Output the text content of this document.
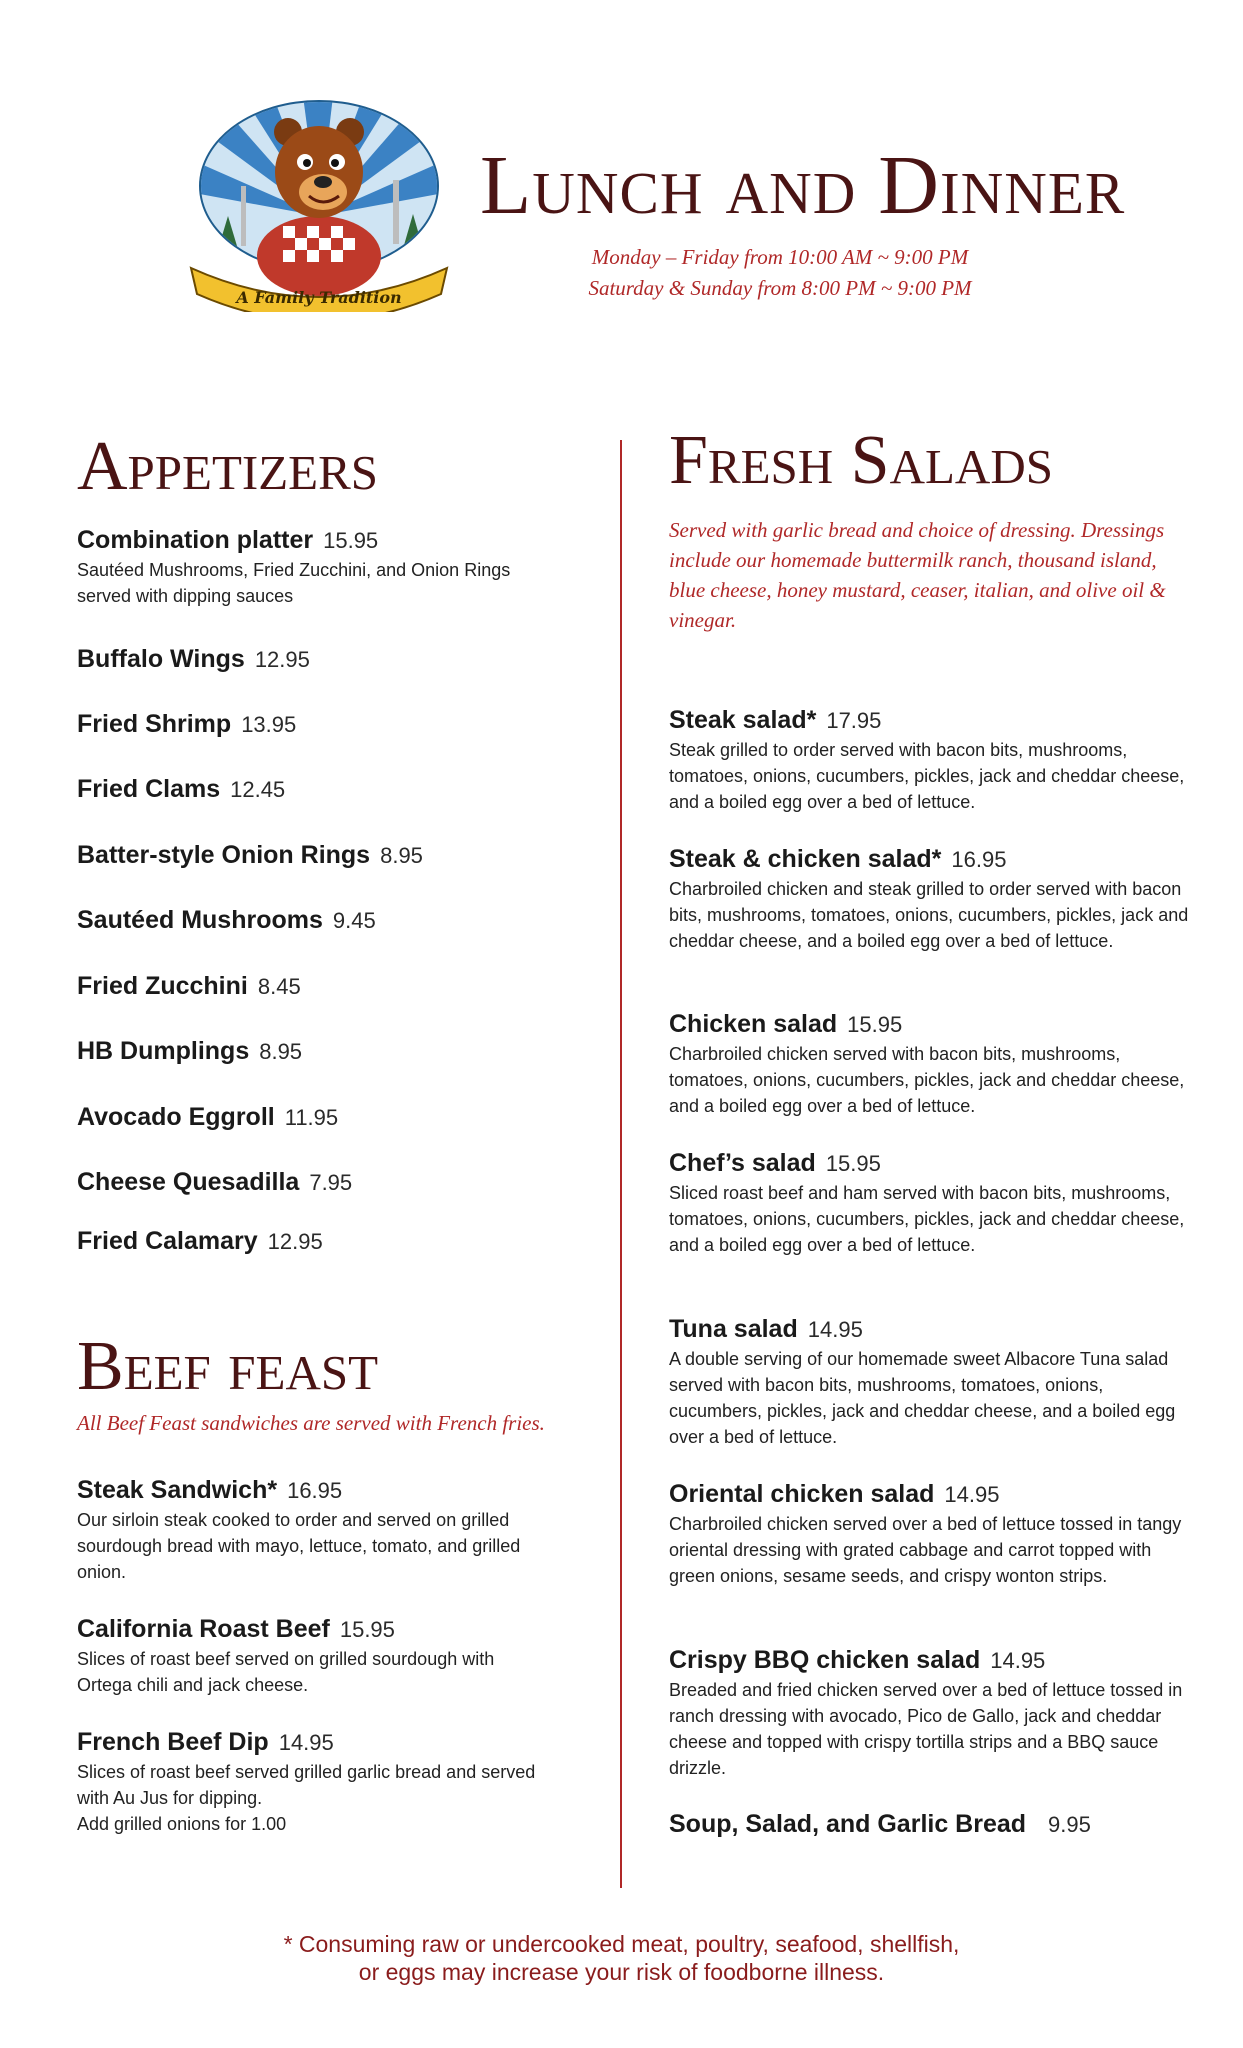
A Family Tradition
Lunch and Dinner
Monday – Friday from 10:00 AM ~ 9:00 PM
Saturday & Sunday from 8:00 PM ~ 9:00 PM
Appetizers
Combination platter 15.95
Sautéed Mushrooms, Fried Zucchini, and Onion Rings served with dipping sauces
Buffalo Wings 12.95
Fried Shrimp 13.95
Fried Clams 12.45
Batter-style Onion Rings 8.95
Sautéed Mushrooms 9.45
Fried Zucchini 8.45
HB Dumplings 8.95
Avocado Eggroll 11.95
Cheese Quesadilla 7.95
Fried Calamary 12.95
Beef feast
All Beef Feast sandwiches are served with French fries.
Steak Sandwich* 16.95
Our sirloin steak cooked to order and served on grilled sourdough bread with mayo, lettuce, tomato, and grilled onion.
California Roast Beef 15.95
Slices of roast beef served on grilled sourdough with Ortega chili and jack cheese.
French Beef Dip 14.95
Slices of roast beef served grilled garlic bread and served with Au Jus for dipping.
Add grilled onions for 1.00
Fresh Salads
Served with garlic bread and choice of dressing. Dressings include our homemade buttermilk ranch, thousand island, blue cheese, honey mustard, ceaser, italian, and olive oil & vinegar.
Steak salad* 17.95
Steak grilled to order served with bacon bits, mushrooms, tomatoes, onions, cucumbers, pickles, jack and cheddar cheese, and a boiled egg over a bed of lettuce.
Steak & chicken salad* 16.95
Charbroiled chicken and steak grilled to order served with bacon bits, mushrooms, tomatoes, onions, cucumbers, pickles, jack and cheddar cheese, and a boiled egg over a bed of lettuce.
Chicken salad 15.95
Charbroiled chicken served with bacon bits, mushrooms, tomatoes, onions, cucumbers, pickles, jack and cheddar cheese, and a boiled egg over a bed of lettuce.
Chef’s salad 15.95
Sliced roast beef and ham served with bacon bits, mushrooms, tomatoes, onions, cucumbers, pickles, jack and cheddar cheese, and a boiled egg over a bed of lettuce.
Tuna salad 14.95
A double serving of our homemade sweet Albacore Tuna salad served with bacon bits, mushrooms, tomatoes, onions, cucumbers, pickles, jack and cheddar cheese, and a boiled egg over a bed of lettuce.
Oriental chicken salad 14.95
Charbroiled chicken served over a bed of lettuce tossed in tangy oriental dressing with grated cabbage and carrot topped with green onions, sesame seeds, and crispy wonton strips.
Crispy BBQ chicken salad 14.95
Breaded and fried chicken served over a bed of lettuce tossed in ranch dressing with avocado, Pico de Gallo, jack and cheddar cheese and topped with crispy tortilla strips and a BBQ sauce drizzle.
Soup, Salad, and Garlic Bread 9.95
* Consuming raw or undercooked meat, poultry, seafood, shellfish,
or eggs may increase your risk of foodborne illness.
